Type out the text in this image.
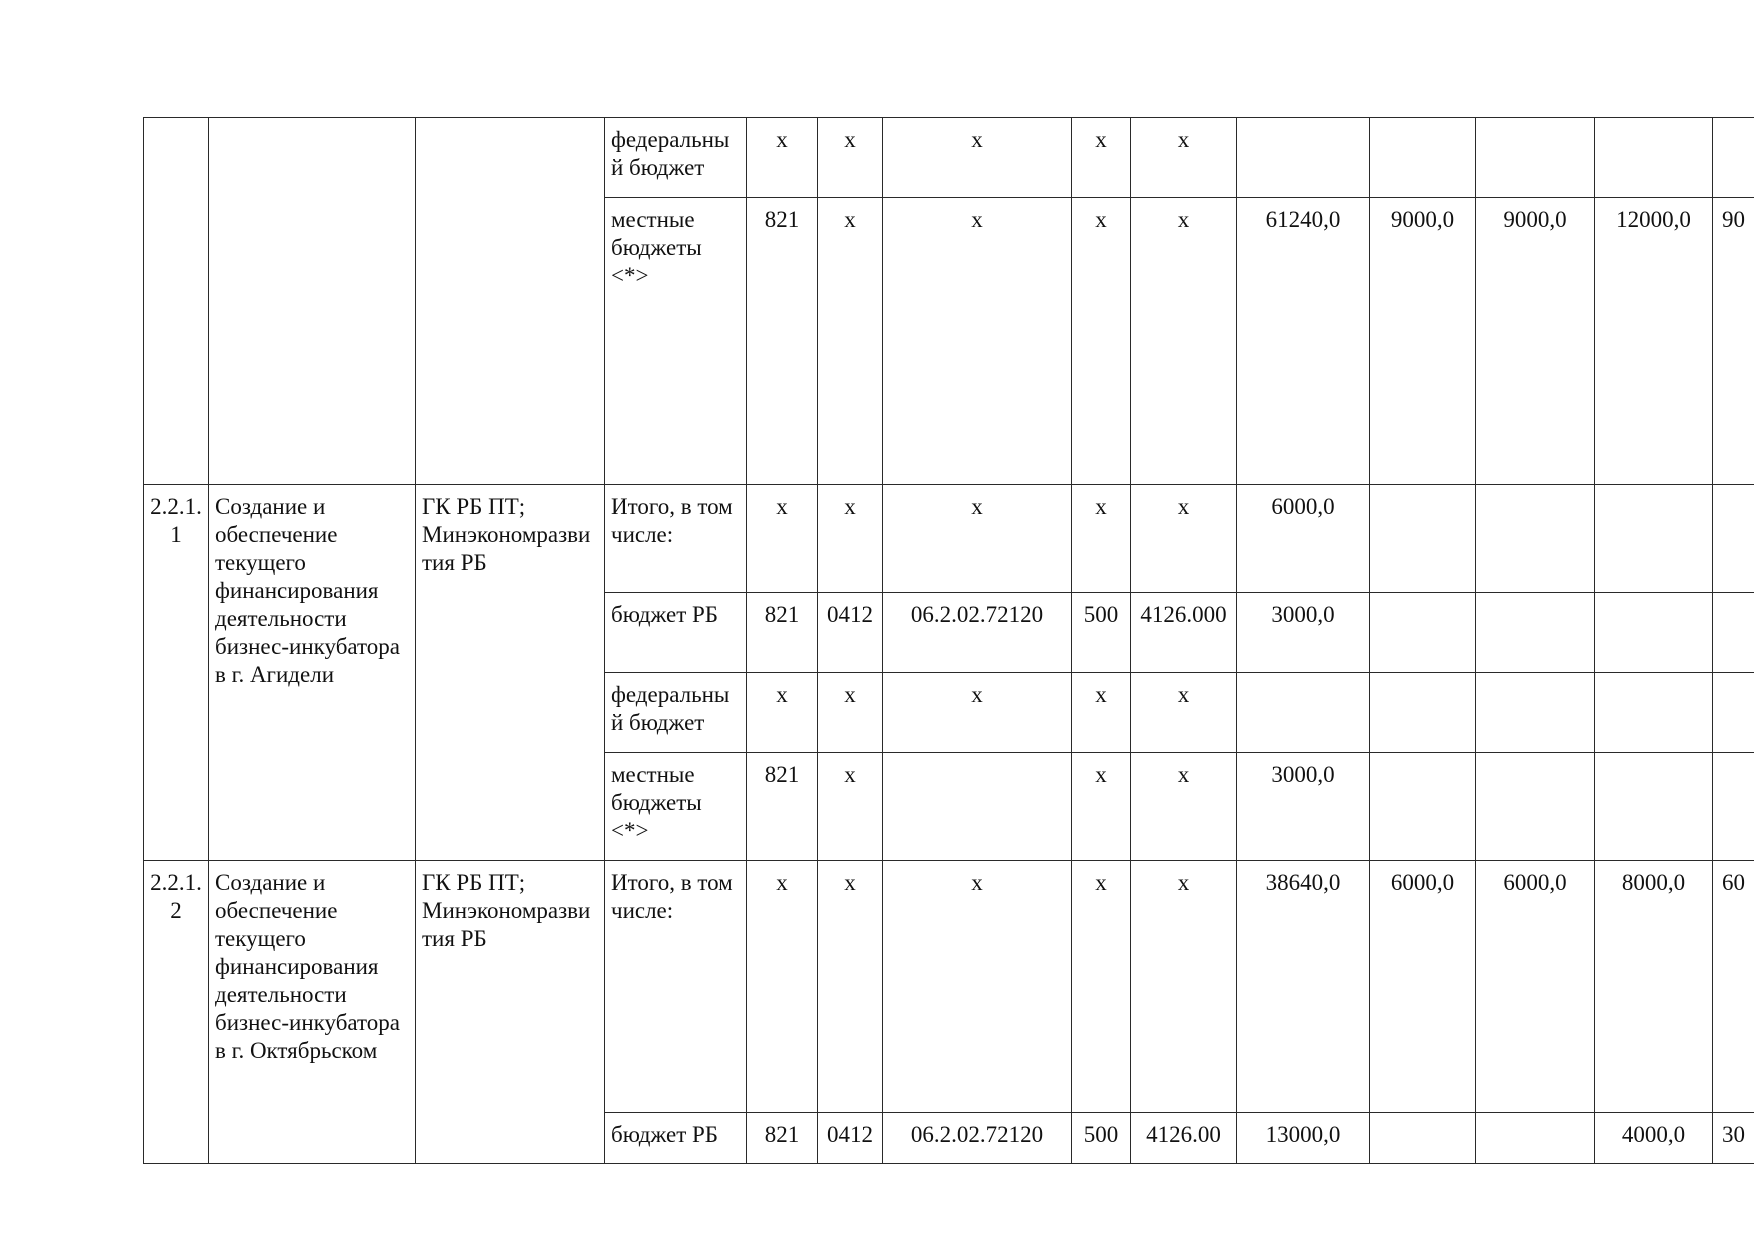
			федеральный бюджет	x	x	x	x	x					
			местные бюджеты <*>	821	x	x	x	x	61240,0	9000,0	9000,0	12000,0	90
2.2.1.1	Создание и обеспечение текущего финансирования деятельности бизнес-инкубатора в г. Агидели	ГК РБ ПТ; Минэкономразвития РБ	Итого, в том числе:	x	x	x	x	x	6000,0				
			бюджет РБ	821	0412	06.2.02.72120	500	4126.000	3000,0				
			федеральный бюджет	x	x	x	x	x					
			местные бюджеты <*>	821	x		x	x	3000,0				
2.2.1.2	Создание и обеспечение текущего финансирования деятельности бизнес-инкубатора в г. Октябрьском	ГК РБ ПТ; Минэкономразвития РБ	Итого, в том числе:	x	x	x	x	x	38640,0	6000,0	6000,0	8000,0	60
			бюджет РБ	821	0412	06.2.02.72120	500	4126.00	13000,0			4000,0	30
